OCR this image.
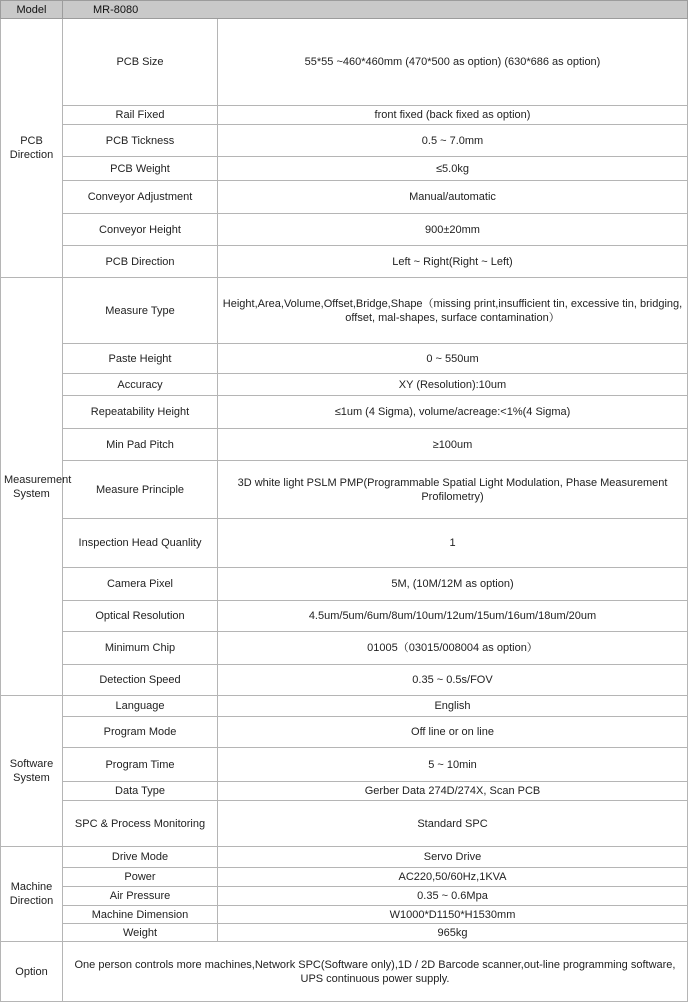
Model	MR-8080	
PCB Direction	PCB Size	55*55 ~460*460mm (470*500 as option) (630*686 as option)
	Rail Fixed	front fixed (back fixed as option)
	PCB Tickness	0.5 ~ 7.0mm
	PCB Weight	≤5.0kg
	Conveyor Adjustment	Manual/automatic
	Conveyor Height	900±20mm
	PCB Direction	Left ~ Right(Right ~ Left)
Measurement System	Measure Type	Height,Area,Volume,Offset,Bridge,Shape（missing print,insufficient tin, excessive tin, bridging, offset, mal-shapes, surface contamination）
	Paste Height	0 ~ 550um
	Accuracy	XY (Resolution):10um
	Repeatability Height	≤1um (4 Sigma), volume/acreage:<1%(4 Sigma)
	Min Pad Pitch	≥100um
	Measure Principle	3D white light PSLM PMP(Programmable Spatial Light Modulation, Phase Measurement Profilometry)
	Inspection Head Quanlity	1
	Camera Pixel	5M, (10M/12M as option)
	Optical Resolution	4.5um/5um/6um/8um/10um/12um/15um/16um/18um/20um
	Minimum Chip	01005（03015/008004 as option）
	Detection Speed	0.35 ~ 0.5s/FOV
Software System	Language	English
	Program Mode	Off line or on line
	Program Time	5 ~ 10min
	Data Type	Gerber Data 274D/274X, Scan PCB
	SPC & Process Monitoring	Standard SPC
Machine Direction	Drive Mode	Servo Drive
	Power	AC220,50/60Hz,1KVA
	Air Pressure	0.35 ~ 0.6Mpa
	Machine Dimension	W1000*D1150*H1530mm
	Weight	965kg
Option	One person controls more machines,Network SPC(Software only),1D / 2D Barcode scanner,out-line programming software, UPS continuous power supply.	
